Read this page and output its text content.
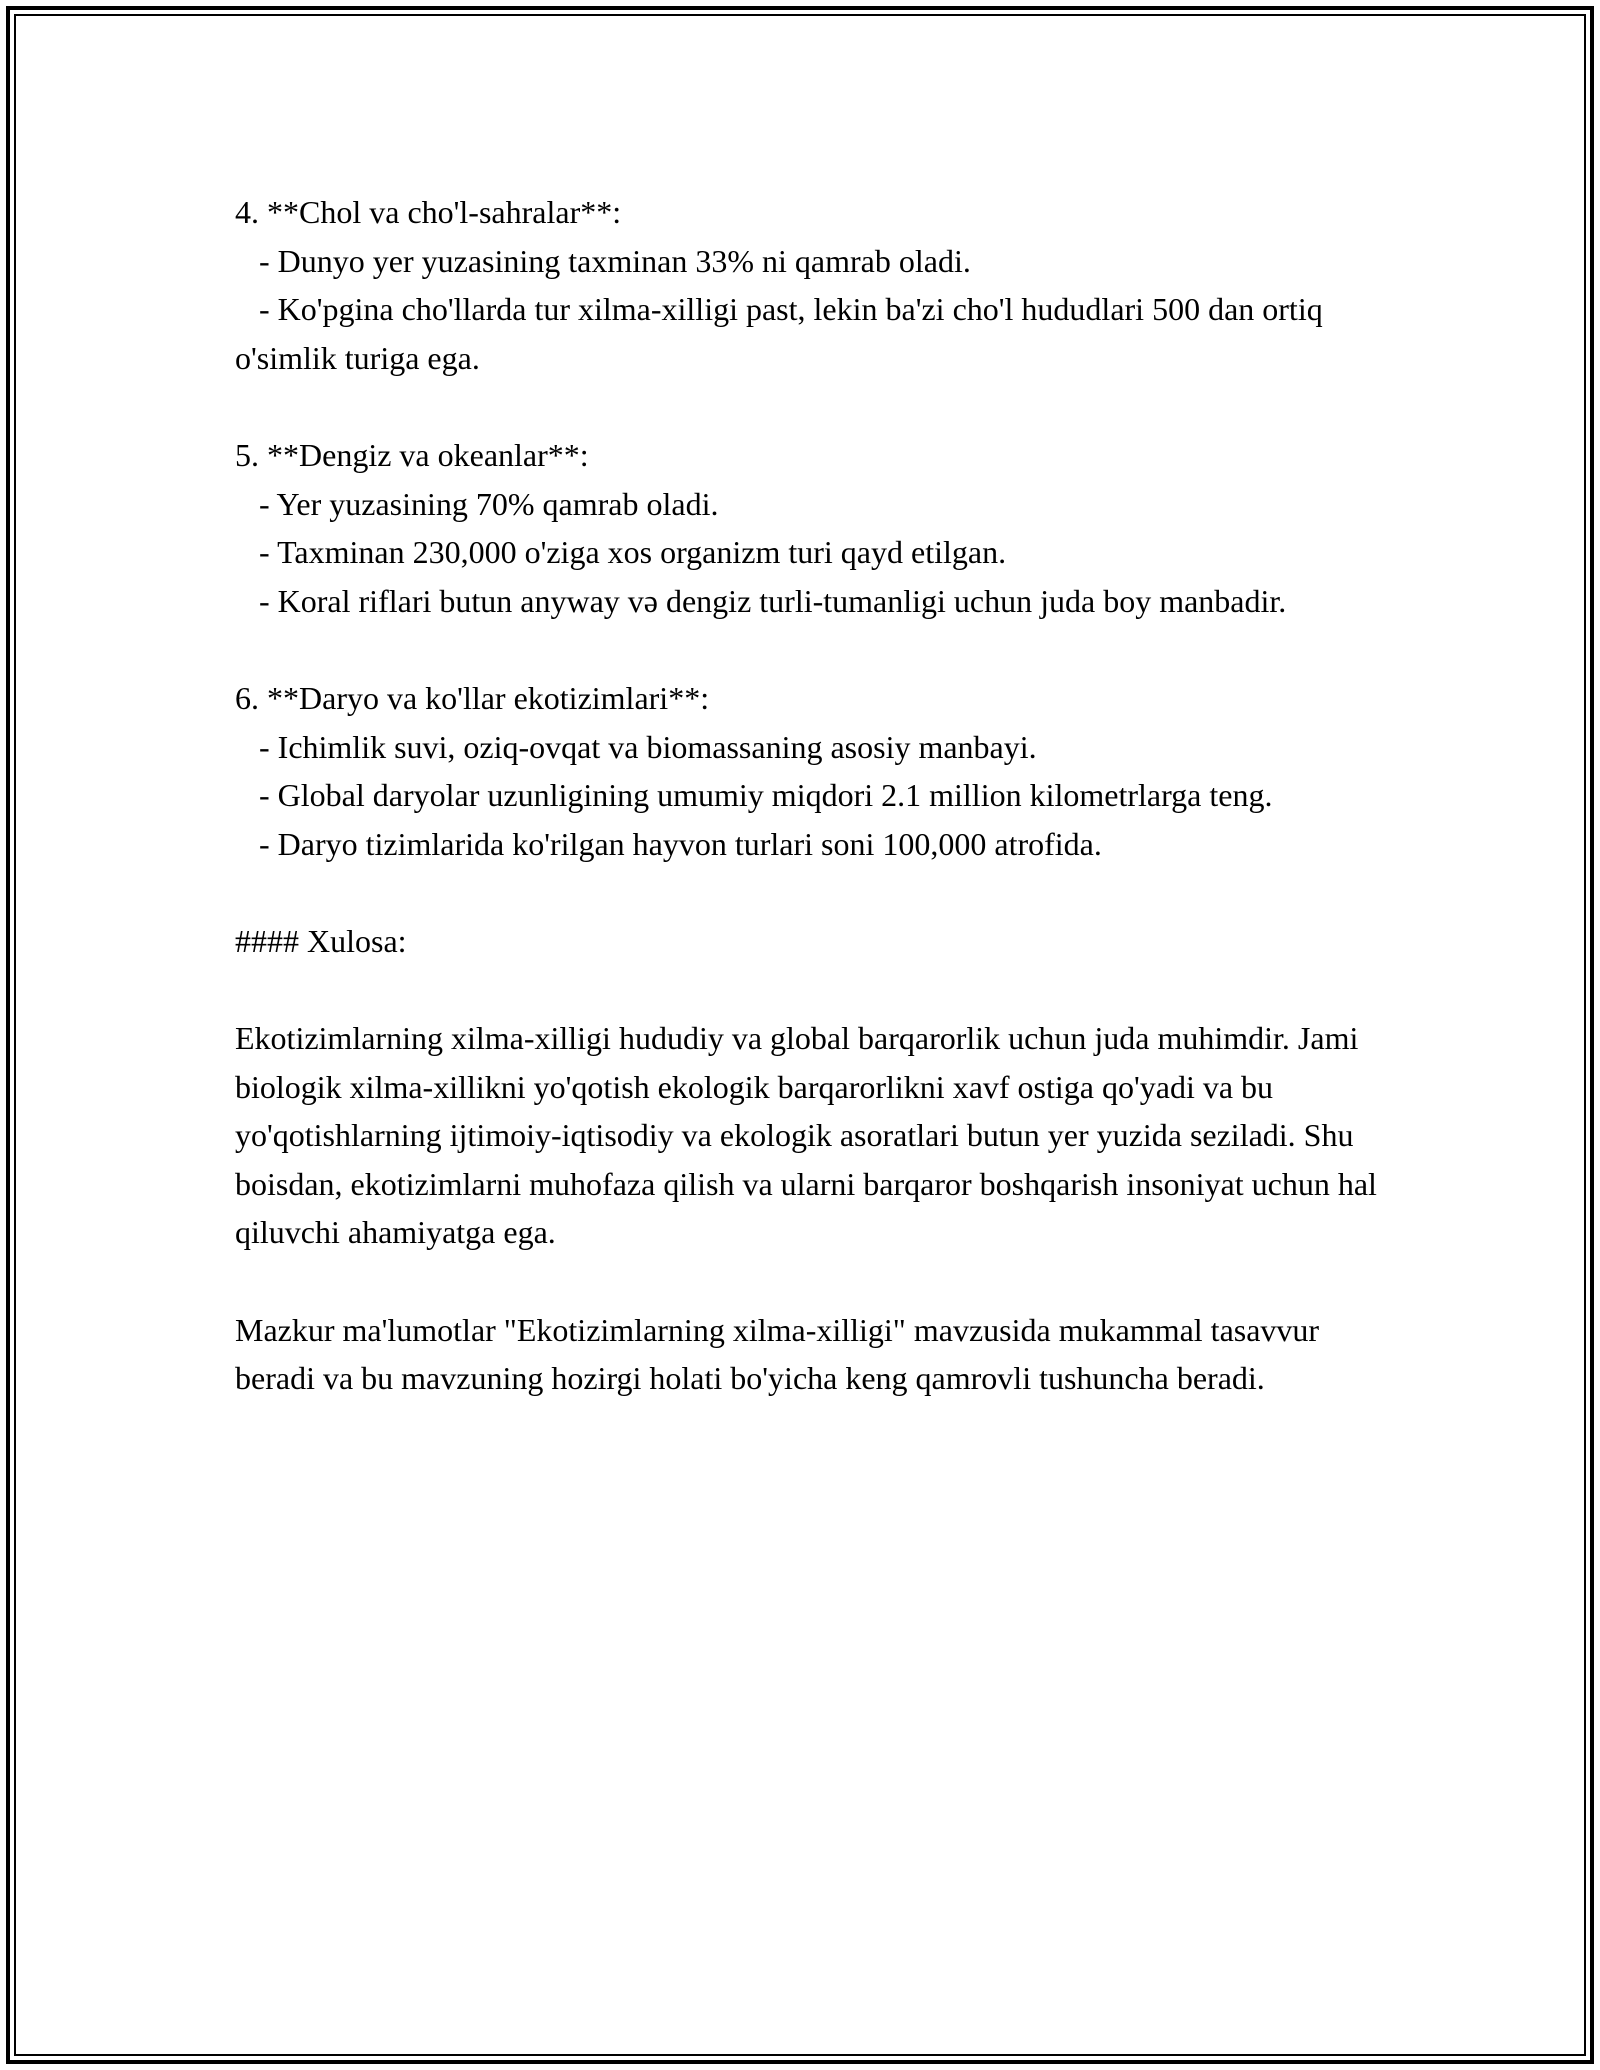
4. **Chol va cho'l-sahralar**:

- Dunyo yer yuzasining taxminan 33% ni qamrab oladi.

- Ko'pgina cho'llarda tur xilma-xilligi past, lekin ba'zi cho'l hududlari 500 dan ortiq o'simlik turiga ega.

5. **Dengiz va okeanlar**:

- Yer yuzasining 70% qamrab oladi.

- Taxminan 230,000 o'ziga xos organizm turi qayd etilgan.

- Koral riflari butun anyway və dengiz turli-tumanligi uchun juda boy manbadir.

6. **Daryo va ko'llar ekotizimlari**:

- Ichimlik suvi, oziq-ovqat va biomassaning asosiy manbayi.

- Global daryolar uzunligining umumiy miqdori 2.1 million kilometrlarga teng.

- Daryo tizimlarida ko'rilgan hayvon turlari soni 100,000 atrofida.

#### Xulosa:

Ekotizimlarning xilma-xilligi hududiy va global barqarorlik uchun juda muhimdir. Jami biologik xilma-xillikni yo'qotish ekologik barqarorlikni xavf ostiga qo'yadi va bu yo'qotishlarning ijtimoiy-iqtisodiy va ekologik asoratlari butun yer yuzida seziladi. Shu boisdan, ekotizimlarni muhofaza qilish va ularni barqaror boshqarish insoniyat uchun hal qiluvchi ahamiyatga ega.

Mazkur ma'lumotlar "Ekotizimlarning xilma-xilligi" mavzusida mukammal tasavvur beradi va bu mavzuning hozirgi holati bo'yicha keng qamrovli tushuncha beradi.
